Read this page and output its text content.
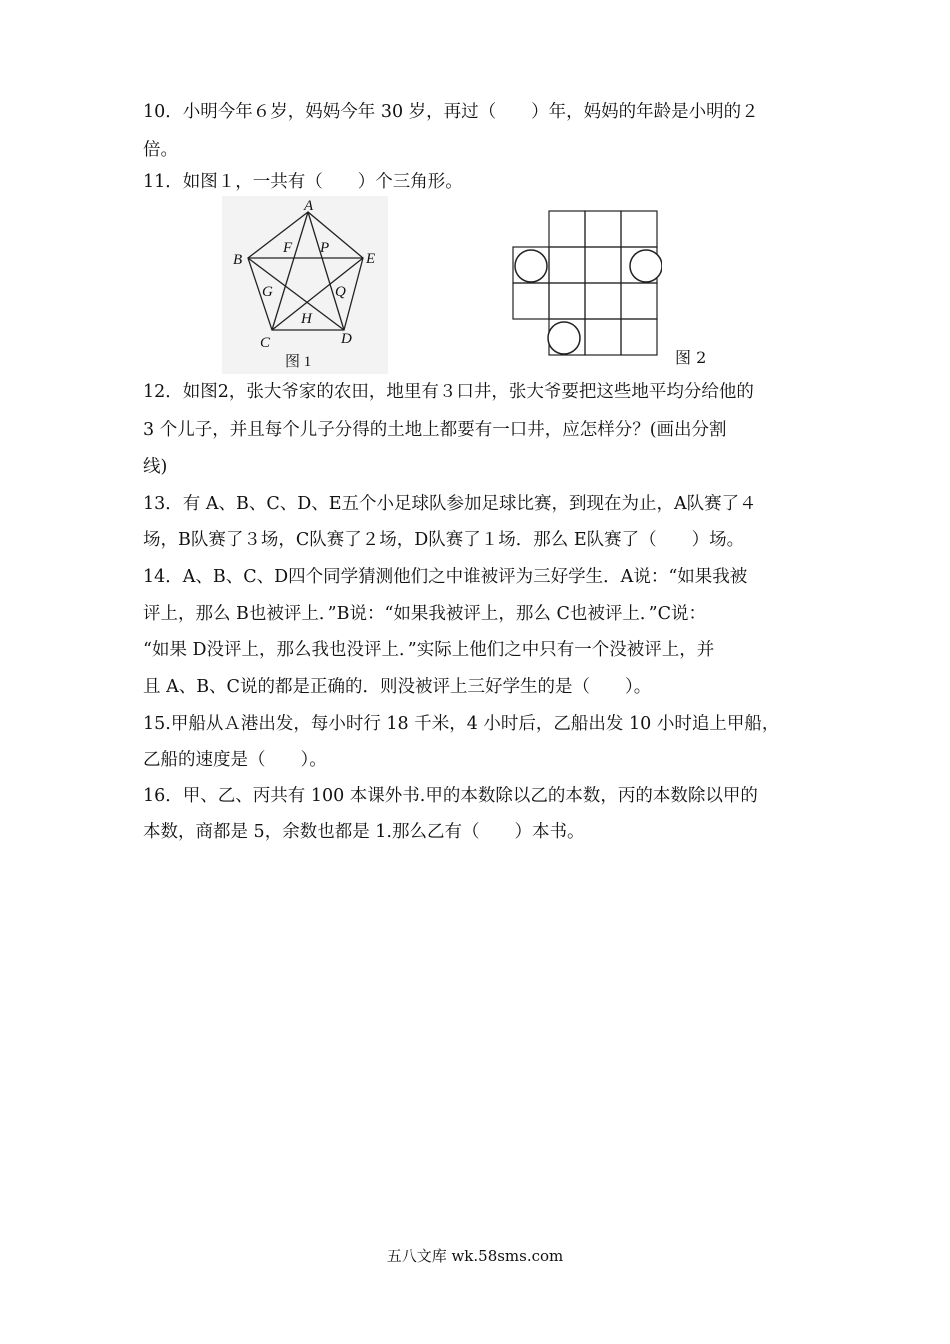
10．小明今年６岁，妈妈今年 30 岁，再过（　　）年，妈妈的年龄是小明的２
倍。
11．如图１，一共有（　　）个三角形。
A
B
C	D
E
F P
G	Q
H
图 1	图 2
12．如图2，张大爷家的农田，地里有３口井，张大爷要把这些地平均分给他的
3 个儿子，并且每个儿子分得的土地上都要有一口井，应怎样分？(画出分割
线)
13．有 A、B、C、D、E五个小足球队参加足球比赛，到现在为止，A队赛了４
场，B队赛了３场，C队赛了２场，D队赛了１场．那么 E队赛了（　　）场。
14．A、B、C、D四个同学猜测他们之中谁被评为三好学生．A说：“如果我被
评上，那么 B也被评上．”B说：“如果我被评上，那么 C也被评上．”C说：
“如果 D没评上，那么我也没评上．”实际上他们之中只有一个没被评上，并
且 A、B、C说的都是正确的．则没被评上三好学生的是（　　）。
15.甲船从Ａ港出发，每小时行 18 千米，4 小时后，乙船出发 10 小时追上甲船，
乙船的速度是（　　）。
16．甲、乙、丙共有 100 本课外书.甲的本数除以乙的本数，丙的本数除以甲的
本数，商都是 5，余数也都是 1.那么乙有（　　）本书。
五八文库 wk.58sms.com
